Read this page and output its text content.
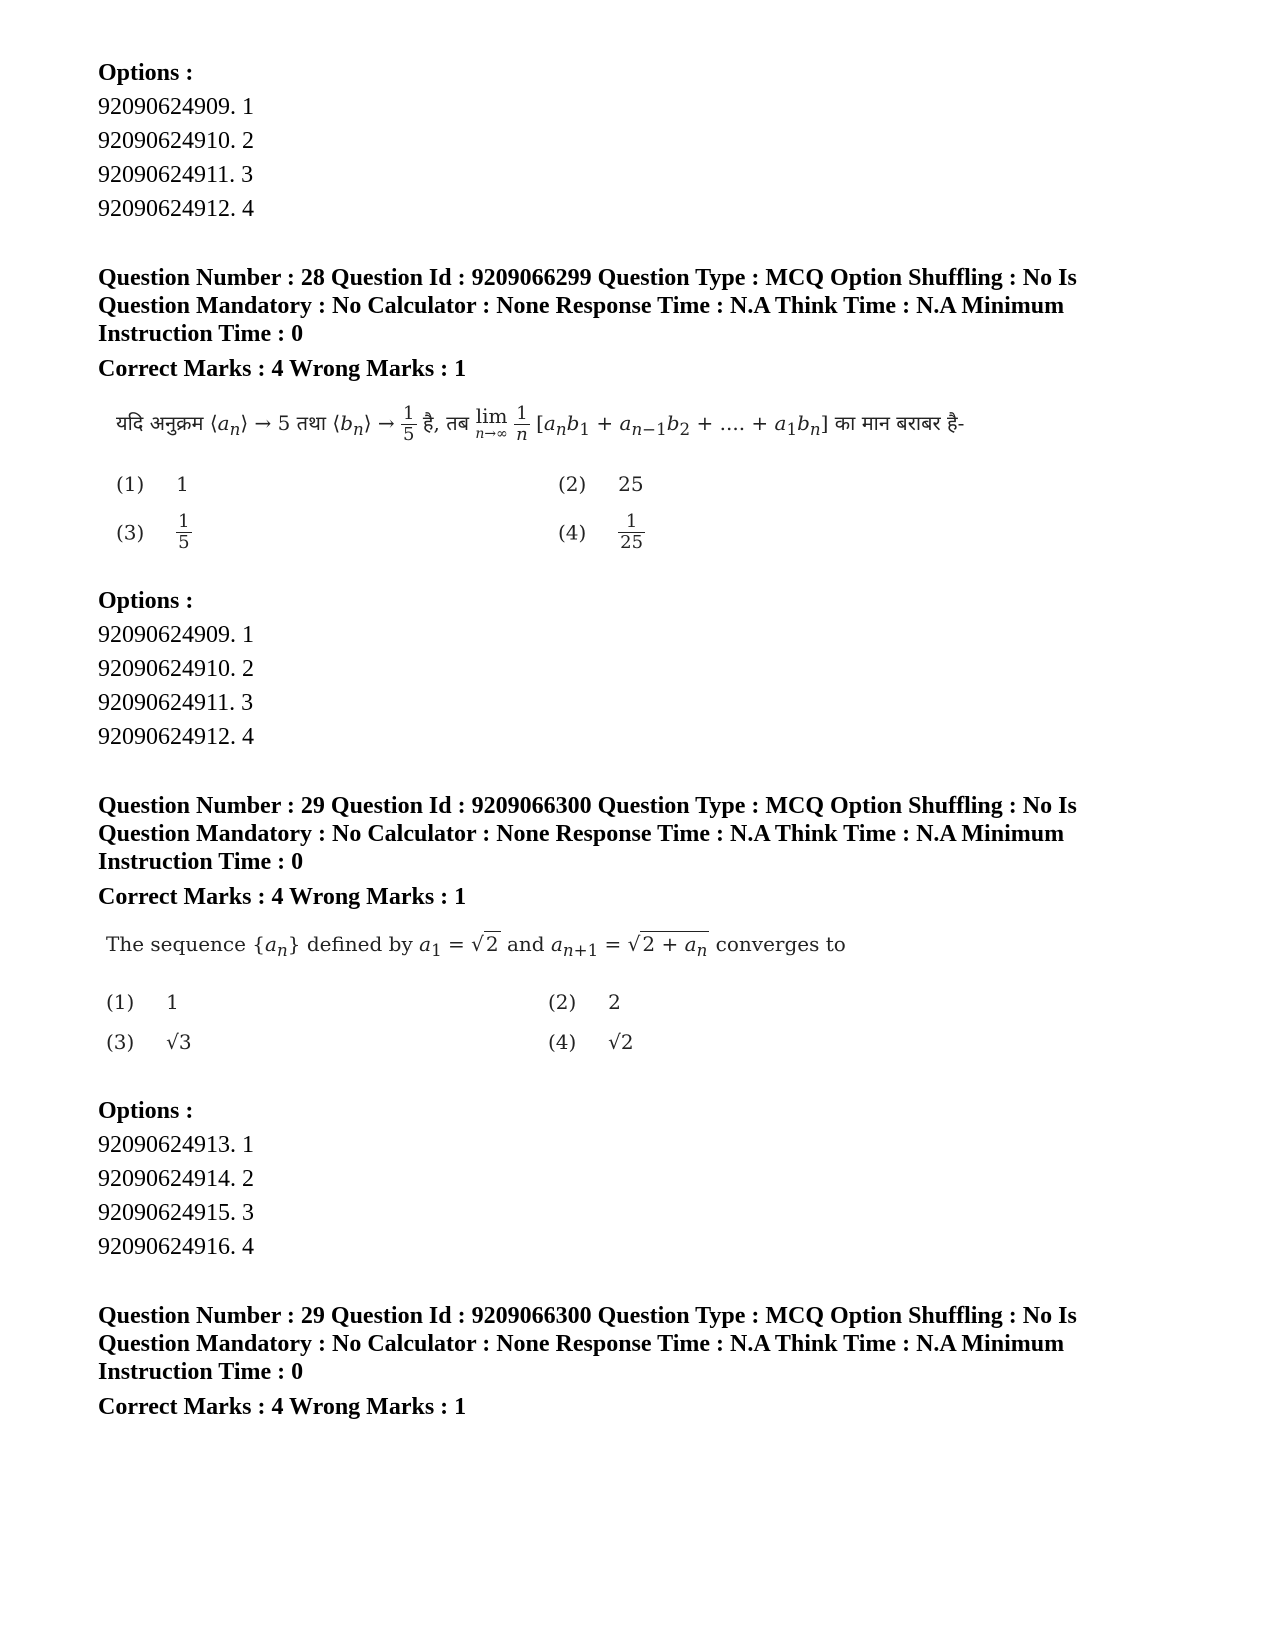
Options :
92090624909. 1
92090624910. 2
92090624911. 3
92090624912. 4
Question Number : 28 Question Id : 9209066299 Question Type : MCQ Option Shuffling : No Is
Question Mandatory : No Calculator : None Response Time : N.A Think Time : N.A Minimum
Instruction Time : 0
Correct Marks : 4 Wrong Marks : 1
यदि अनुक्रम $⟨a_n⟩ \to 5$ तथा $⟨b_n⟩ \to \frac{1}{5}$ है, तब lim
n→∞
$\frac{1}{n} [a_nb_1 + a_{n-1}b_2$ + .... + $a_1b_n$] का मान बराबर है-
(1) 1	(2) 25
$(3) \frac{1}{5}$	$(4) \frac{1}{25}$
Options :
92090624909. 1
92090624910. 2
92090624911. 3
92090624912. 4
Question Number : 29 Question Id : 9209066300 Question Type : MCQ Option Shuffling : No Is
Question Mandatory : No Calculator : None Response Time : N.A Think Time : N.A Minimum
Instruction Time : 0
Correct Marks : 4 Wrong Marks : 1
The sequence $\{a_n\}$ defined by $a_1$ = √ 2 and $a_{n+1}$ = √ $2 + a_n$ converges to
(1) 1	(2) 2
(3) √3	(4) √2
Options :
92090624913. 1
92090624914. 2
92090624915. 3
92090624916. 4
Question Number : 29 Question Id : 9209066300 Question Type : MCQ Option Shuffling : No Is
Question Mandatory : No Calculator : None Response Time : N.A Think Time : N.A Minimum
Instruction Time : 0
Correct Marks : 4 Wrong Marks : 1
